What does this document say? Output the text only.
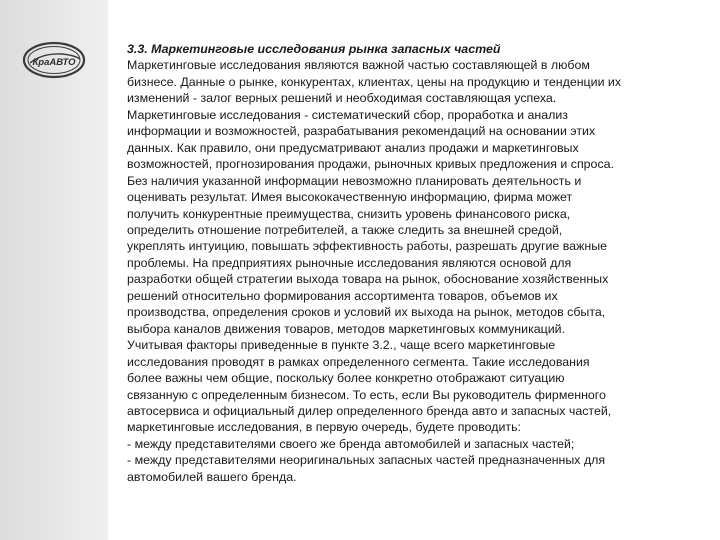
КраАВТО
3.3. Маркетинговые исследования рынка запасных частей
Маркетинговые исследования являются важной частью составляющей в любом
бизнесе. Данные о рынке, конкурентах, клиентах, цены на продукцию и тенденции их
изменений - залог верных решений и необходимая составляющая успеха.
Маркетинговые исследования - систематический сбор, проработка и анализ
информации и возможностей, разрабатывания рекомендаций на основании этих
данных. Как правило, они предусматривают анализ продажи и маркетинговых
возможностей, прогнозирования продажи, рыночных кривых предложения и спроса.
Без наличия указанной информации невозможно планировать деятельность и
оценивать результат. Имея высококачественную информацию, фирма может
получить конкурентные преимущества, снизить уровень финансового риска,
определить отношение потребителей, а также следить за внешней средой,
укреплять интуицию, повышать эффективность работы, разрешать другие важные
проблемы. На предприятиях рыночные исследования являются основой для
разработки общей стратегии выхода товара на рынок, обоснование хозяйственных
решений относительно формирования ассортимента товаров, объемов их
производства, определения сроков и условий их выхода на рынок, методов сбыта,
выбора каналов движения товаров, методов маркетинговых коммуникаций.
Учитывая факторы приведенные в пункте 3.2., чаще всего маркетинговые
исследования проводят в рамках определенного сегмента. Такие исследования
более важны чем общие, поскольку более конкретно отображают ситуацию
связанную с определенным бизнесом. То есть, если Вы руководитель фирменного
автосервиса и официальный дилер определенного бренда авто и запасных частей,
маркетинговые исследования, в первую очередь, будете проводить:
- между представителями своего же бренда автомобилей и запасных частей;
- между представителями неоригинальных запасных частей предназначенных для
автомобилей вашего бренда.
